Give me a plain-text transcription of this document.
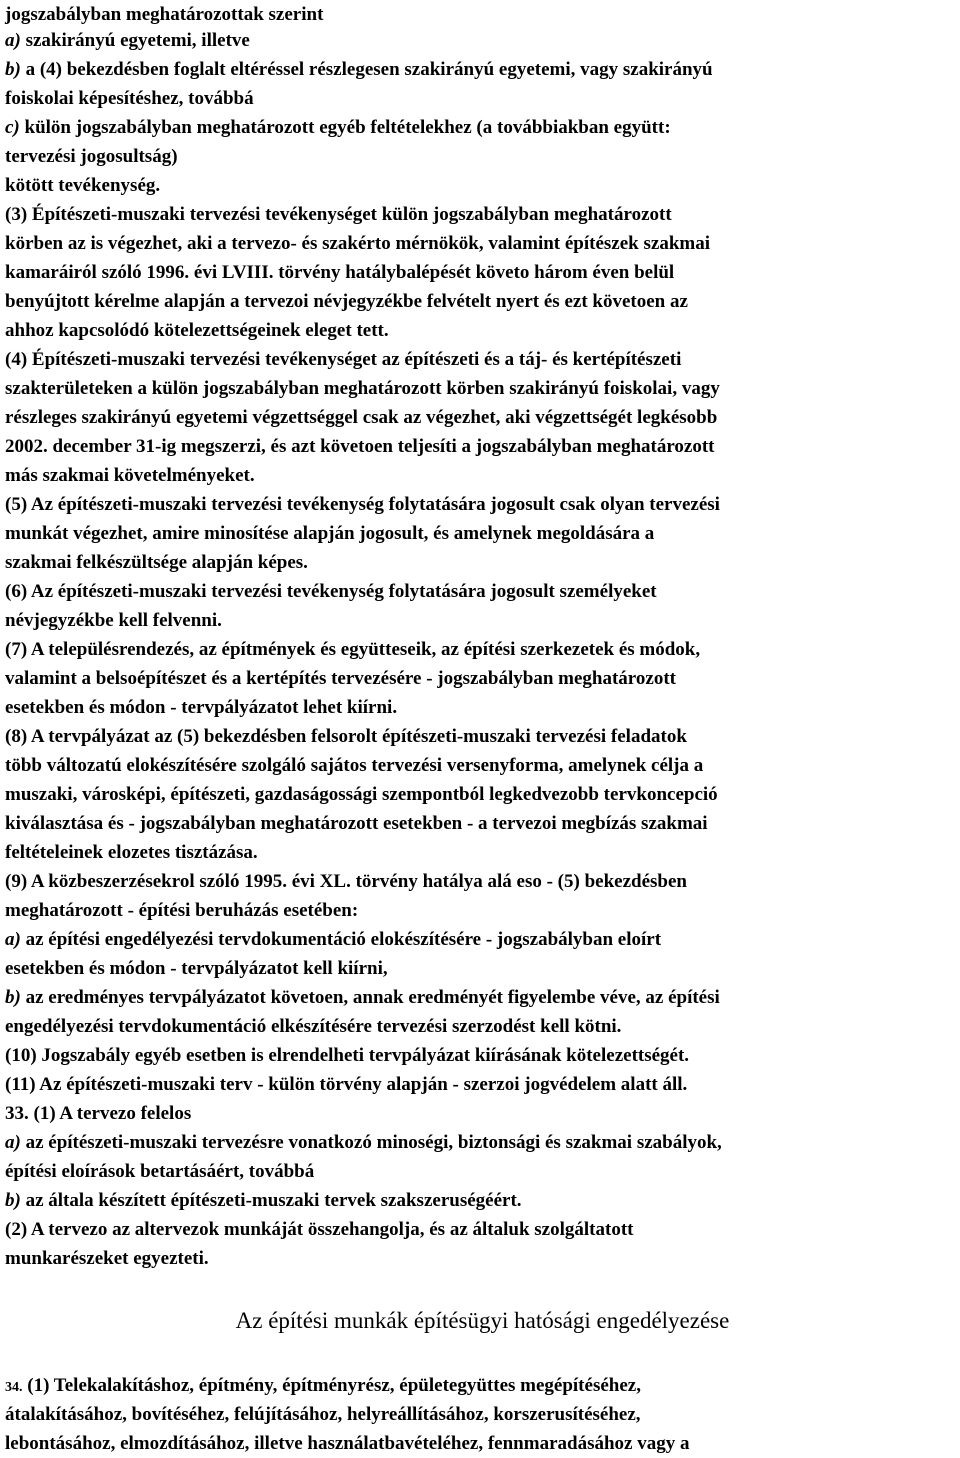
jogszabályban meghatározottak szerint
a) szakirányú egyetemi, illetve
b) a (4) bekezdésben foglalt eltéréssel részlegesen szakirányú egyetemi, vagy szakirányú
foiskolai képesítéshez, továbbá
c) külön jogszabályban meghatározott egyéb feltételekhez (a továbbiakban együtt:
tervezési jogosultság)
kötött tevékenység.
(3) Építészeti-muszaki tervezési tevékenységet külön jogszabályban meghatározott
körben az is végezhet, aki a tervezo- és szakérto mérnökök, valamint építészek szakmai
kamaráiról szóló 1996. évi LVIII. törvény hatálybalépését követo három éven belül
benyújtott kérelme alapján a tervezoi névjegyzékbe felvételt nyert és ezt követoen az
ahhoz kapcsolódó kötelezettségeinek eleget tett.
(4) Építészeti-muszaki tervezési tevékenységet az építészeti és a táj- és kertépítészeti
szakterületeken a külön jogszabályban meghatározott körben szakirányú foiskolai, vagy
részleges szakirányú egyetemi végzettséggel csak az végezhet, aki végzettségét legkésobb
2002. december 31-ig megszerzi, és azt követoen teljesíti a jogszabályban meghatározott
más szakmai követelményeket.
(5) Az építészeti-muszaki tervezési tevékenység folytatására jogosult csak olyan tervezési
munkát végezhet, amire minosítése alapján jogosult, és amelynek megoldására a
szakmai felkészültsége alapján képes.
(6) Az építészeti-muszaki tervezési tevékenység folytatására jogosult személyeket
névjegyzékbe kell felvenni.
(7) A településrendezés, az építmények és együtteseik, az építési szerkezetek és módok,
valamint a belsoépítészet és a kertépítés tervezésére - jogszabályban meghatározott
esetekben és módon - tervpályázatot lehet kiírni.
(8) A tervpályázat az (5) bekezdésben felsorolt építészeti-muszaki tervezési feladatok
több változatú elokészítésére szolgáló sajátos tervezési versenyforma, amelynek célja a
muszaki, városképi, építészeti, gazdaságossági szempontból legkedvezobb tervkoncepció
kiválasztása és - jogszabályban meghatározott esetekben - a tervezoi megbízás szakmai
feltételeinek elozetes tisztázása.
(9) A közbeszerzésekrol szóló 1995. évi XL. törvény hatálya alá eso - (5) bekezdésben
meghatározott - építési beruházás esetében:
a) az építési engedélyezési tervdokumentáció elokészítésére - jogszabályban eloírt
esetekben és módon - tervpályázatot kell kiírni,
b) az eredményes tervpályázatot követoen, annak eredményét figyelembe véve, az építési
engedélyezési tervdokumentáció elkészítésére tervezési szerzodést kell kötni.
(10) Jogszabály egyéb esetben is elrendelheti tervpályázat kiírásának kötelezettségét.
(11) Az építészeti-muszaki terv - külön törvény alapján - szerzoi jogvédelem alatt áll.
33. (1) A tervezo felelos
a) az építészeti-muszaki tervezésre vonatkozó minoségi, biztonsági és szakmai szabályok,
építési eloírások betartásáért, továbbá
b) az általa készített építészeti-muszaki tervek szakszeruségéért.
(2) A tervezo az altervezok munkáját összehangolja, és az általuk szolgáltatott
munkarészeket egyezteti.
Az építési munkák építésügyi hatósági engedélyezése
34. (1) Telekalakításhoz, építmény, építményrész, épületegyüttes megépítéséhez,
átalakításához, bovítéséhez, felújításához, helyreállításához, korszerusítéséhez,
lebontásához, elmozdításához, illetve használatbavételéhez, fennmaradásához vagy a
